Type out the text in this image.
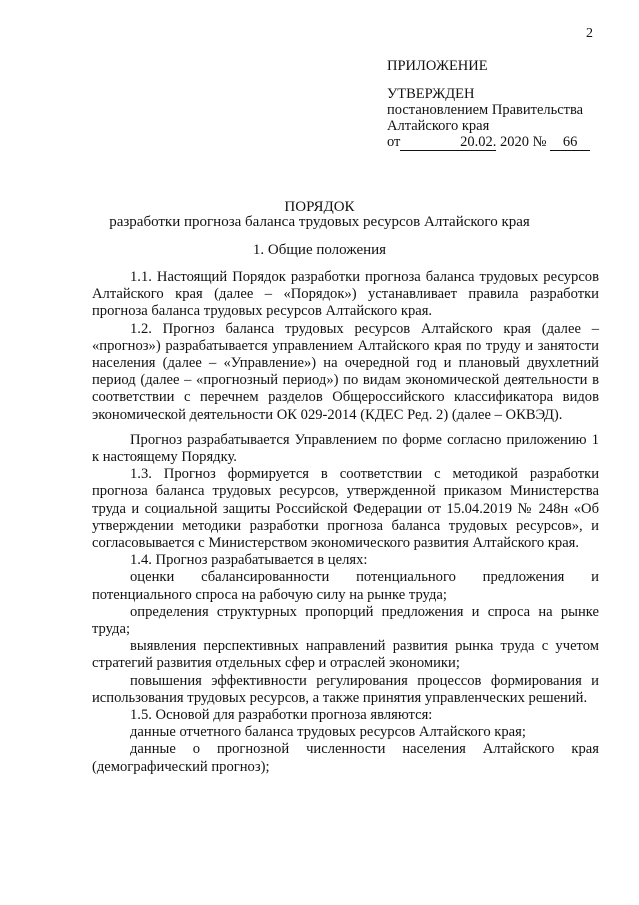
2
ПРИЛОЖЕНИЕ
УТВЕРЖДЕН
постановлением Правительства
Алтайского края
от	20.02. 2020 № 66
ПОРЯДОК
разработки прогноза баланса трудовых ресурсов Алтайского края
1. Общие положения

1.1. Настоящий Порядок разработки прогноза баланса трудовых ресурсов Алтайского края (далее – «Порядок») устанавливает правила разработки прогноза баланса трудовых ресурсов Алтайского края.

1.2. Прогноз баланса трудовых ресурсов Алтайского края (далее – «прогноз») разрабатывается управлением Алтайского края по труду и занятости населения (далее – «Управление») на очередной год и плановый двухлетний период (далее – «прогнозный период») по видам экономической деятельности в соответствии с перечнем разделов Общероссийского классификатора видов экономической деятельности ОК 029-2014 (КДЕС Ред. 2) (далее – ОКВЭД).

Прогноз разрабатывается Управлением по форме согласно приложению 1 к настоящему Порядку.

1.3. Прогноз формируется в соответствии с методикой разработки прогноза баланса трудовых ресурсов, утвержденной приказом Министерства труда и социальной защиты Российской Федерации от 15.04.2019 № 248н «Об утверждении методики разработки прогноза баланса трудовых ресурсов», и согласовывается с Министерством экономического развития Алтайского края.

1.4. Прогноз разрабатывается в целях:

оценки сбалансированности потенциального предложения и потенциального спроса на рабочую силу на рынке труда;

определения структурных пропорций предложения и спроса на рынке труда;

выявления перспективных направлений развития рынка труда с учетом стратегий развития отдельных сфер и отраслей экономики;

повышения эффективности регулирования процессов формирования и использования трудовых ресурсов, а также принятия управленческих решений.

1.5. Основой для разработки прогноза являются:

данные отчетного баланса трудовых ресурсов Алтайского края;

данные о прогнозной численности населения Алтайского края (демографический прогноз);
